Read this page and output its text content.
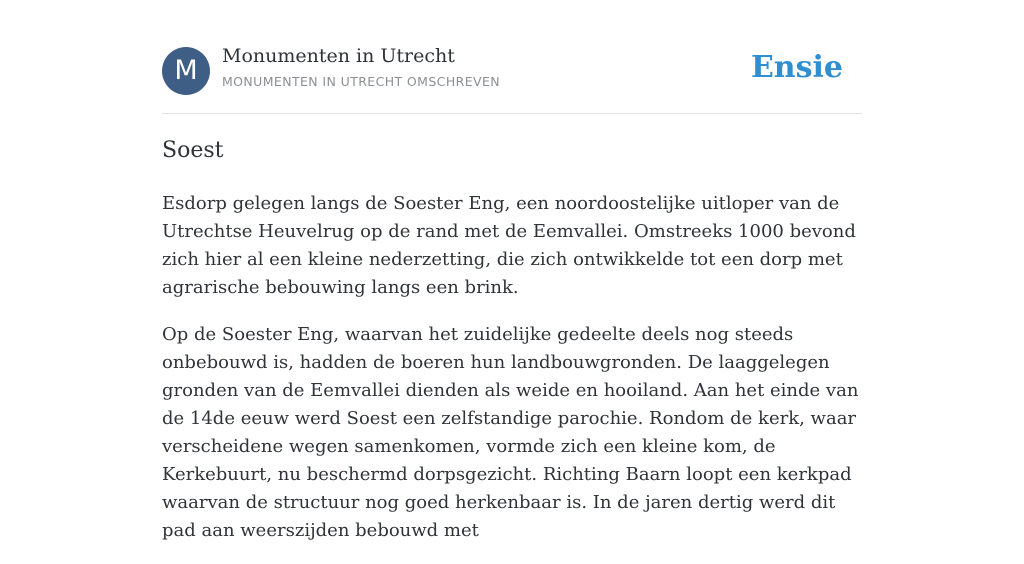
M	Monumenten in Utrecht
MONUMENTEN IN UTRECHT OMSCHREVEN	Ensie
Soest

Esdorp gelegen langs de Soester Eng, een noordoostelijke uitloper van de Utrechtse Heuvelrug op de rand met de Eemvallei. Omstreeks 1000 bevond zich hier al een kleine nederzetting, die zich ontwikkelde tot een dorp met agrarische bebouwing langs een brink.

Op de Soester Eng, waarvan het zuidelijke gedeelte deels nog steeds onbebouwd is, hadden de boeren hun landbouwgronden. De laaggelegen gronden van de Eemvallei dienden als weide en hooiland. Aan het einde van de 14de eeuw werd Soest een zelfstandige parochie. Rondom de kerk, waar verscheidene wegen samenkomen, vormde zich een kleine kom, de Kerkebuurt, nu beschermd dorpsgezicht. Richting Baarn loopt een kerkpad waarvan de structuur nog goed herkenbaar is. In de jaren dertig werd dit pad aan weerszijden bebouwd met
